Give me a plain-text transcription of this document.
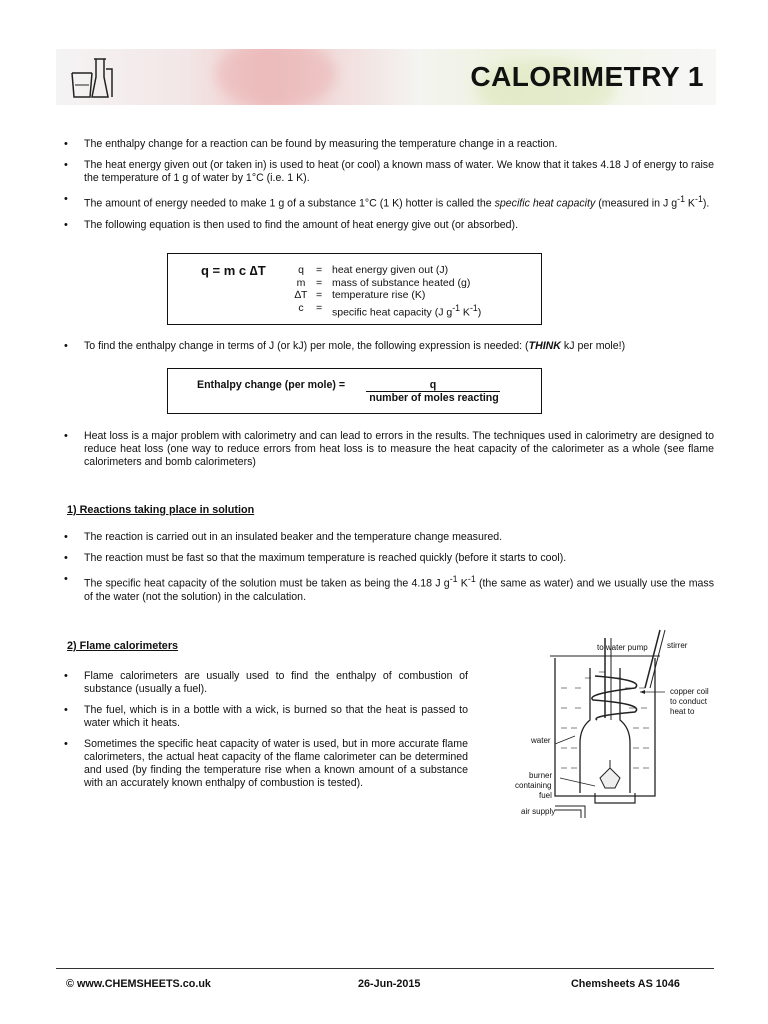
CALORIMETRY 1
• The enthalpy change for a reaction can be found by measuring the temperature change in a reaction.
• The heat energy given out (or taken in) is used to heat (or cool) a known mass of water. We know that it takes 4.18 J of energy to raise the temperature of 1 g of water by 1°C (i.e. 1 K).
• The amount of energy needed to make 1 g of a substance 1°C (1 K) hotter is called the specific heat capacity (measured in J $g^{-1}$ $K^{-1}$).
• The following equation is then used to find the amount of heat energy give out (or absorbed).
q = m c ∆T	q	=	heat energy given out (J)
m	=	mass of substance heated (g)
∆T	=	temperature rise (K)
c	=	specific heat capacity (J $g^{-1}$ $K^{-1}$)
• To find the enthalpy change in terms of J (or kJ) per mole, the following expression is needed: (THINK kJ per mole!)
Enthalpy change (per mole) =	q
number of moles reacting
• Heat loss is a major problem with calorimetry and can lead to errors in the results. The techniques used in calorimetry are designed to reduce heat loss (one way to reduce errors from heat loss is to measure the heat capacity of the calorimeter as a whole (see flame calorimeters and bomb calorimeters)
1) Reactions taking place in solution
• The reaction is carried out in an insulated beaker and the temperature change measured.
• The reaction must be fast so that the maximum temperature is reached quickly (before it starts to cool).
• The specific heat capacity of the solution must be taken as being the 4.18 J $g^{-1}$ $K^{-1}$ (the same as water) and we usually use the mass of the water (not the solution) in the calculation.
2) Flame calorimeters
• Flame calorimeters are usually used to find the enthalpy of combustion of substance (usually a fuel).
• The fuel, which is in a bottle with a wick, is burned so that the heat is passed to water which it heats.
• Sometimes the specific heat capacity of water is used, but in more accurate flame calorimeters, the actual heat capacity of the flame calorimeter can be determined and used (by finding the temperature rise when a known amount of a substance with an accurately known enthalpy of combustion is tested).
to water pump stirrer
copper coil
to conduct
heat to
water
burner
containing
fuel
air supply
© www.CHEMSHEETS.co.uk	26-Jun-2015	Chemsheets AS 1046
